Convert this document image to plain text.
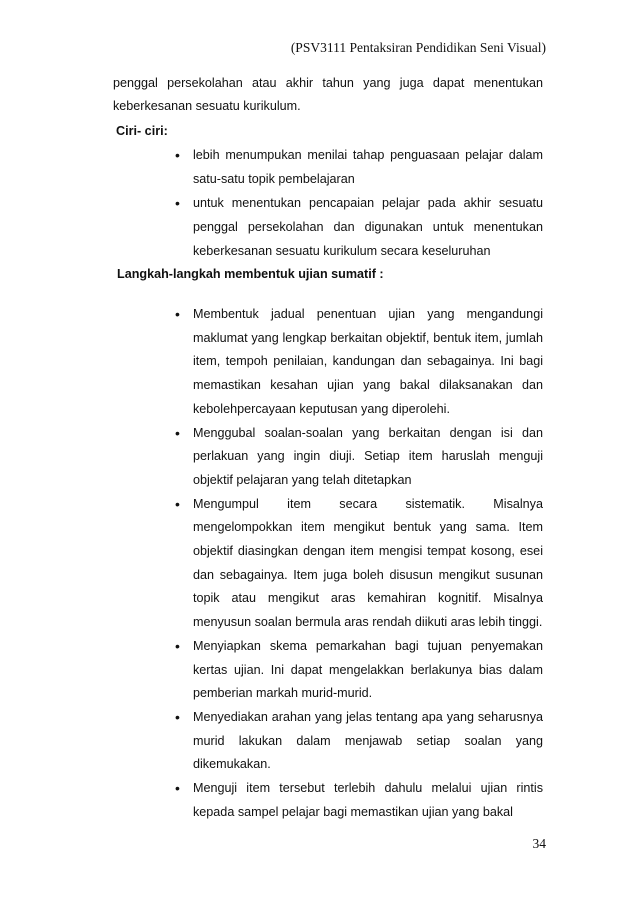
(PSV3111 Pentaksiran Pendidikan Seni Visual)
penggal persekolahan atau akhir tahun yang juga dapat menentukan
keberkesanan sesuatu kurikulum.
Ciri- ciri:
• lebih menumpukan menilai tahap penguasaan pelajar dalam satu-satu topik pembelajaran
• untuk menentukan pencapaian pelajar pada akhir sesuatu penggal persekolahan dan digunakan untuk menentukan keberkesanan sesuatu kurikulum secara keseluruhan
Langkah-langkah membentuk ujian sumatif :
• Membentuk jadual penentuan ujian yang mengandungi maklumat yang lengkap berkaitan objektif, bentuk item, jumlah item, tempoh penilaian, kandungan dan sebagainya. Ini bagi memastikan kesahan ujian yang bakal dilaksanakan dan kebolehpercayaan keputusan yang diperolehi.
• Menggubal soalan-soalan yang berkaitan dengan isi dan perlakuan yang ingin diuji. Setiap item haruslah menguji objektif pelajaran yang telah ditetapkan
• Mengumpul item secara sistematik. Misalnya mengelompokkan item mengikut bentuk yang sama. Item objektif diasingkan dengan item mengisi tempat kosong, esei dan sebagainya. Item juga boleh disusun mengikut susunan topik atau mengikut aras kemahiran kognitif. Misalnya menyusun soalan bermula aras rendah diikuti aras lebih tinggi.
• Menyiapkan skema pemarkahan bagi tujuan penyemakan kertas ujian. Ini dapat mengelakkan berlakunya bias dalam pemberian markah murid-murid.
• Menyediakan arahan yang jelas tentang apa yang seharusnya murid lakukan dalam menjawab setiap soalan yang dikemukakan.
• Menguji item tersebut terlebih dahulu melalui ujian rintis kepada sampel pelajar bagi memastikan ujian yang bakal
34
